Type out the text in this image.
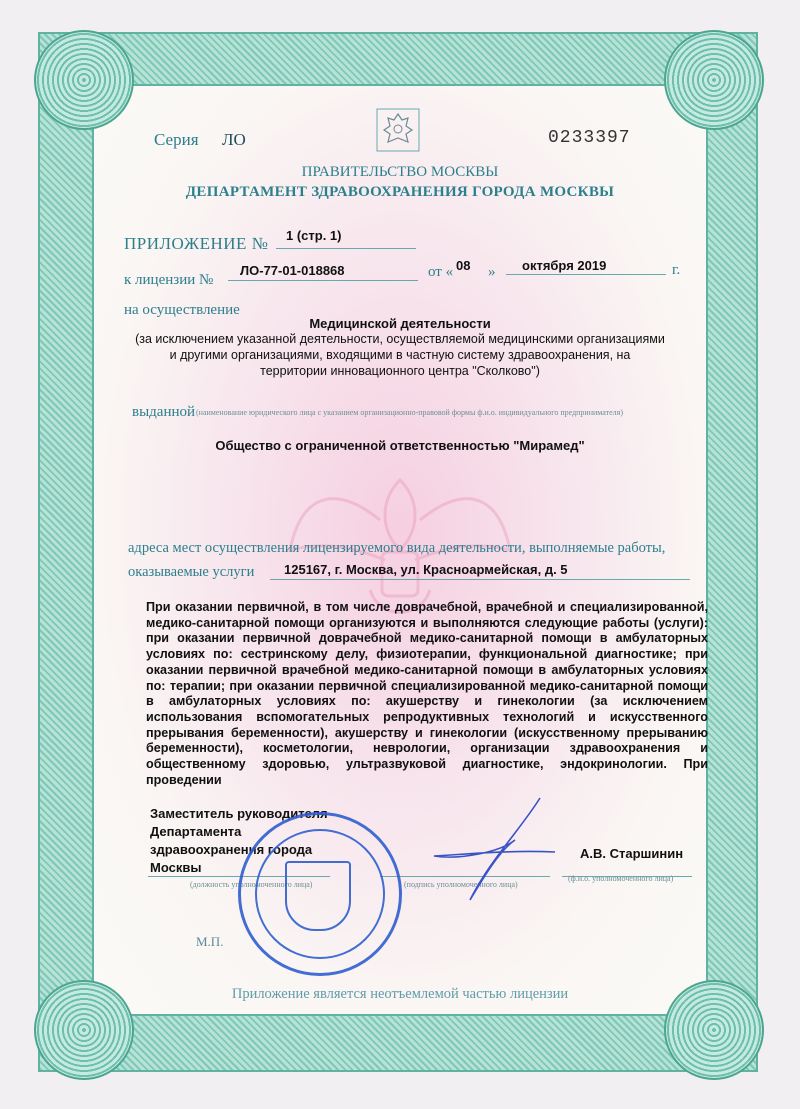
Серия ЛО	0233397
ПРАВИТЕЛЬСТВО МОСКВЫ
ДЕПАРТАМЕНТ ЗДРАВООХРАНЕНИЯ ГОРОДА МОСКВЫ
ПРИЛОЖЕНИЕ № 1 (стр. 1)
к лицензии №
ЛО-77-01-018868	от « 08 » октября 2019	г.
на осуществление
Медицинской деятельности
(за исключением указанной деятельности, осуществляемой медицинскими организациями
и другими организациями, входящими в частную систему здравоохранения, на
территории инновационного центра "Сколково")
выданной (наименование юридического лица с указанием организационно-правовой формы ф.и.о. индивидуального предпринимателя)
Общество с ограниченной ответственностью "Мирамед"
адреса мест осуществления лицензируемого вида деятельности, выполняемые работы,
оказываемые услуги 125167, г. Москва, ул. Красноармейская, д. 5
При оказании первичной, в том числе доврачебной, врачебной и специализированной, медико-санитарной помощи организуются и выполняются следующие работы (услуги): при оказании первичной доврачебной медико-санитарной помощи в амбулаторных условиях по: сестринскому делу, физиотерапии, функциональной диагностике; при оказании первичной врачебной медико-санитарной помощи в амбулаторных условиях по: терапии; при оказании первичной специализированной медико-санитарной помощи в амбулаторных условиях по: акушерству и гинекологии (за исключением использования вспомогательных репродуктивных технологий и искусственного прерывания беременности), акушерству и гинекологии (искусственному прерыванию беременности), косметологии, неврологии, организации здравоохранения и общественному здоровью, ультразвуковой диагностике, эндокринологии. При проведении
Заместитель руководителя
Департамента
здравоохранения города
Москвы
А.В. Старшинин
(должность уполномоченного лица)	(подпись уполномоченного лица)
(ф.и.о. уполномоченного лица)
М.П.
Приложение является неотъемлемой частью лицензии
